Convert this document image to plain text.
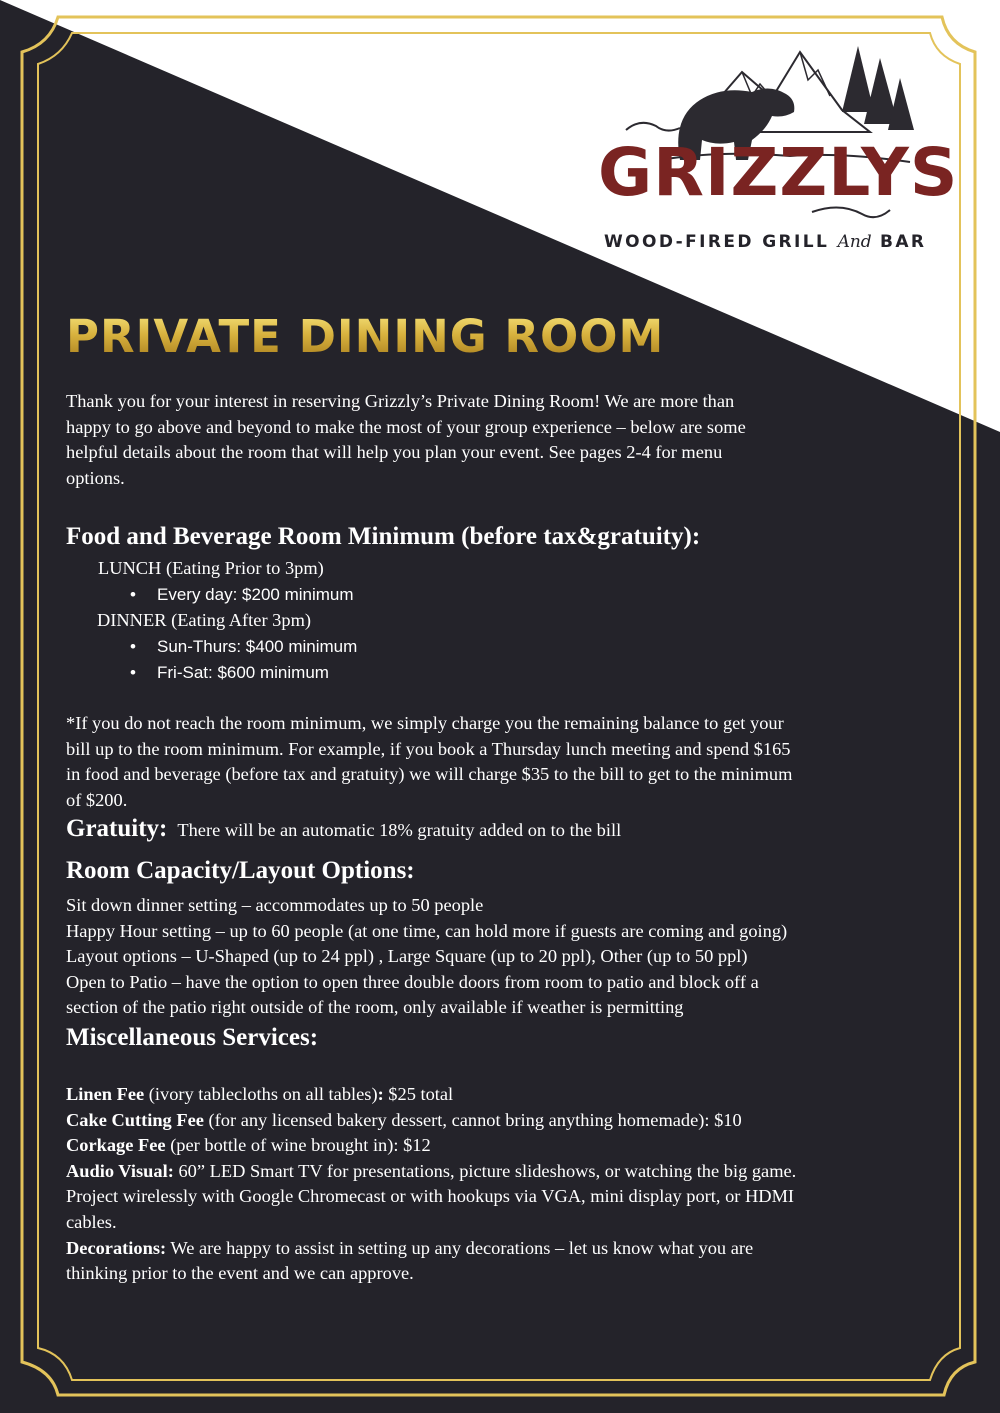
GRIZZLYS
WOOD-FIRED GRILL And BAR
PRIVATE DINING ROOM
Thank you for your interest in reserving Grizzly’s Private Dining Room! We are more than
happy to go above and beyond to make the most of your group experience – below are some
helpful details about the room that will help you plan your event. See pages 2-4 for menu
options.
Food and Beverage Room Minimum (before tax&gratuity):
LUNCH (Eating Prior to 3pm)
• Every day: $200 minimum
DINNER (Eating After 3pm)
• Sun-Thurs: $400 minimum
• Fri-Sat: $600 minimum
*If you do not reach the room minimum, we simply charge you the remaining balance to get your
bill up to the room minimum. For example, if you book a Thursday lunch meeting and spend $165
in food and beverage (before tax and gratuity) we will charge $35 to the bill to get to the minimum
of $200.
Gratuity: There will be an automatic 18% gratuity added on to the bill
Room Capacity/Layout Options:
Sit down dinner setting – accommodates up to 50 people
Happy Hour setting – up to 60 people (at one time, can hold more if guests are coming and going)
Layout options – U-Shaped (up to 24 ppl) , Large Square (up to 20 ppl), Other (up to 50 ppl)
Open to Patio – have the option to open three double doors from room to patio and block off a
section of the patio right outside of the room, only available if weather is permitting
Miscellaneous Services:
Linen Fee (ivory tablecloths on all tables): $25 total
Cake Cutting Fee (for any licensed bakery dessert, cannot bring anything homemade): $10
Corkage Fee (per bottle of wine brought in): $12
Audio Visual: 60” LED Smart TV for presentations, picture slideshows, or watching the big game.
Project wirelessly with Google Chromecast or with hookups via VGA, mini display port, or HDMI
cables.
Decorations: We are happy to assist in setting up any decorations – let us know what you are
thinking prior to the event and we can approve.
